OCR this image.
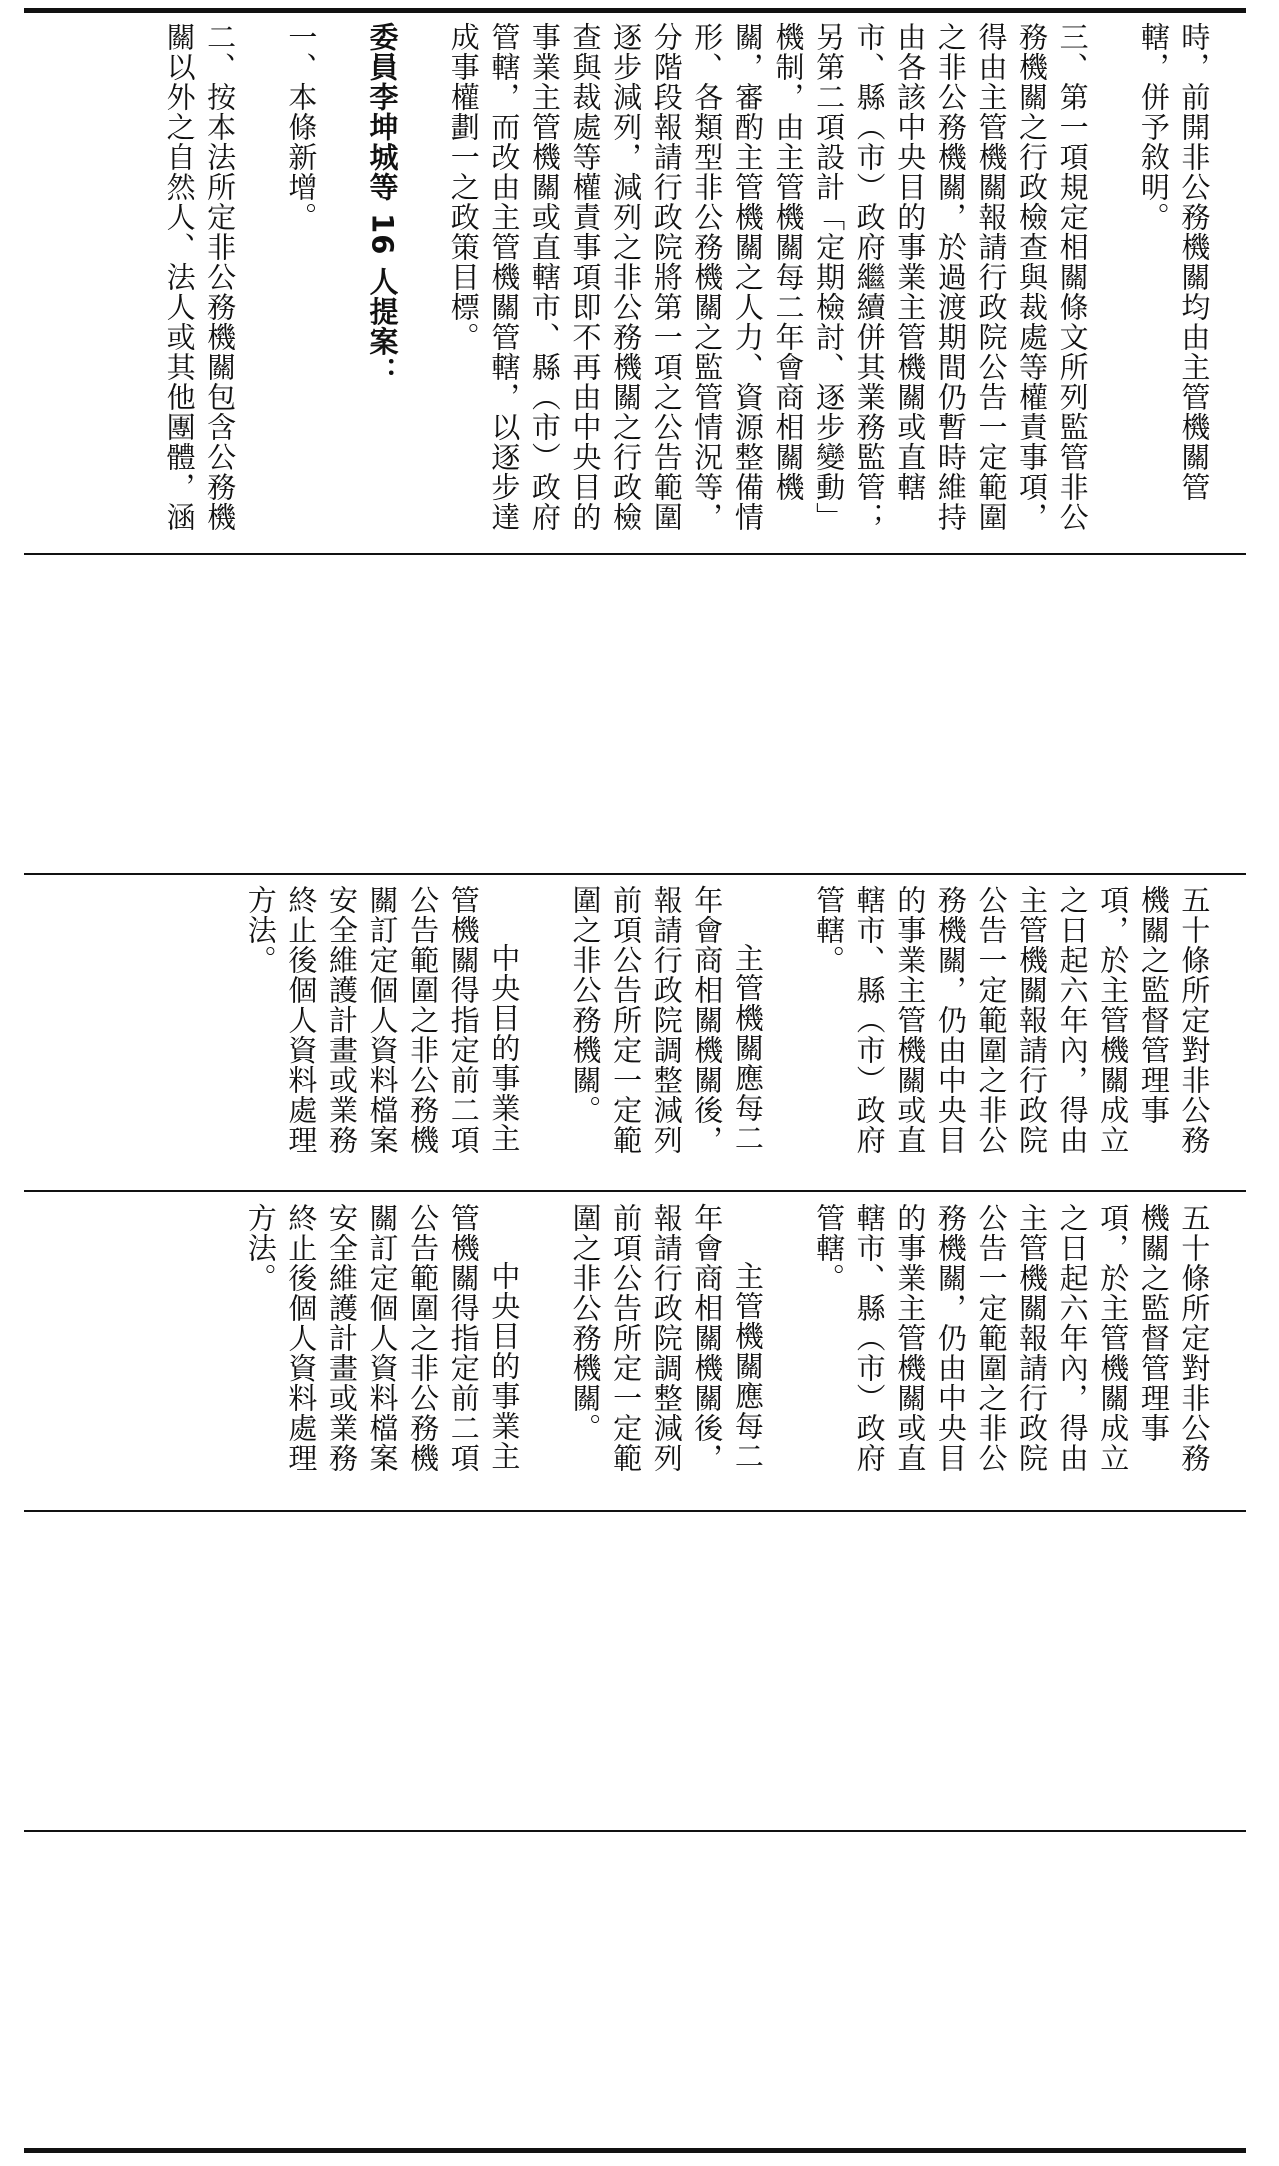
時，前開非公務機關均由主管機關管轄，併予敘明。

三、第一項規定相關條文所列監管非公務機關之行政檢查與裁處等權責事項，得由主管機關報請行政院公告一定範圍之非公務機關，於過渡期間仍暫時維持由各該中央目的事業主管機關或直轄市、縣（市）政府繼續併其業務監管；另第二項設計「定期檢討、逐步變動」機制，由主管機關每二年會商相關機關，審酌主管機關之人力、資源整備情形、各類型非公務機關之監管情況等，分階段報請行政院將第一項之公告範圍逐步減列，減列之非公務機關之行政檢查與裁處等權責事項即不再由中央目的事業主管機關或直轄市、縣（市）政府管轄，而改由主管機關管轄，以逐步達成事權劃一之政策目標。

委員李坤城等 16 人提案：

一、本條新增。

二、按本法所定非公務機關包含公務機關以外之自然人、法人或其他團體，涵

五十條所定對非公務機關之監督管理事項，於主管機關成立之日起六年內，得由主管機關報請行政院公告一定範圍之非公務機關，仍由中央目的事業主管機關或直轄市、縣（市）政府管轄。

主管機關應每二年會商相關機關後，報請行政院調整減列前項公告所定一定範圍之非公務機關。

中央目的事業主管機關得指定前二項公告範圍之非公務機關訂定個人資料檔案安全維護計畫或業務終止後個人資料處理方法。

五十條所定對非公務機關之監督管理事項，於主管機關成立之日起六年內，得由主管機關報請行政院公告一定範圍之非公務機關，仍由中央目的事業主管機關或直轄市、縣（市）政府管轄。

主管機關應每二年會商相關機關後，報請行政院調整減列前項公告所定一定範圍之非公務機關。

中央目的事業主管機關得指定前二項公告範圍之非公務機關訂定個人資料檔案安全維護計畫或業務終止後個人資料處理方法。
